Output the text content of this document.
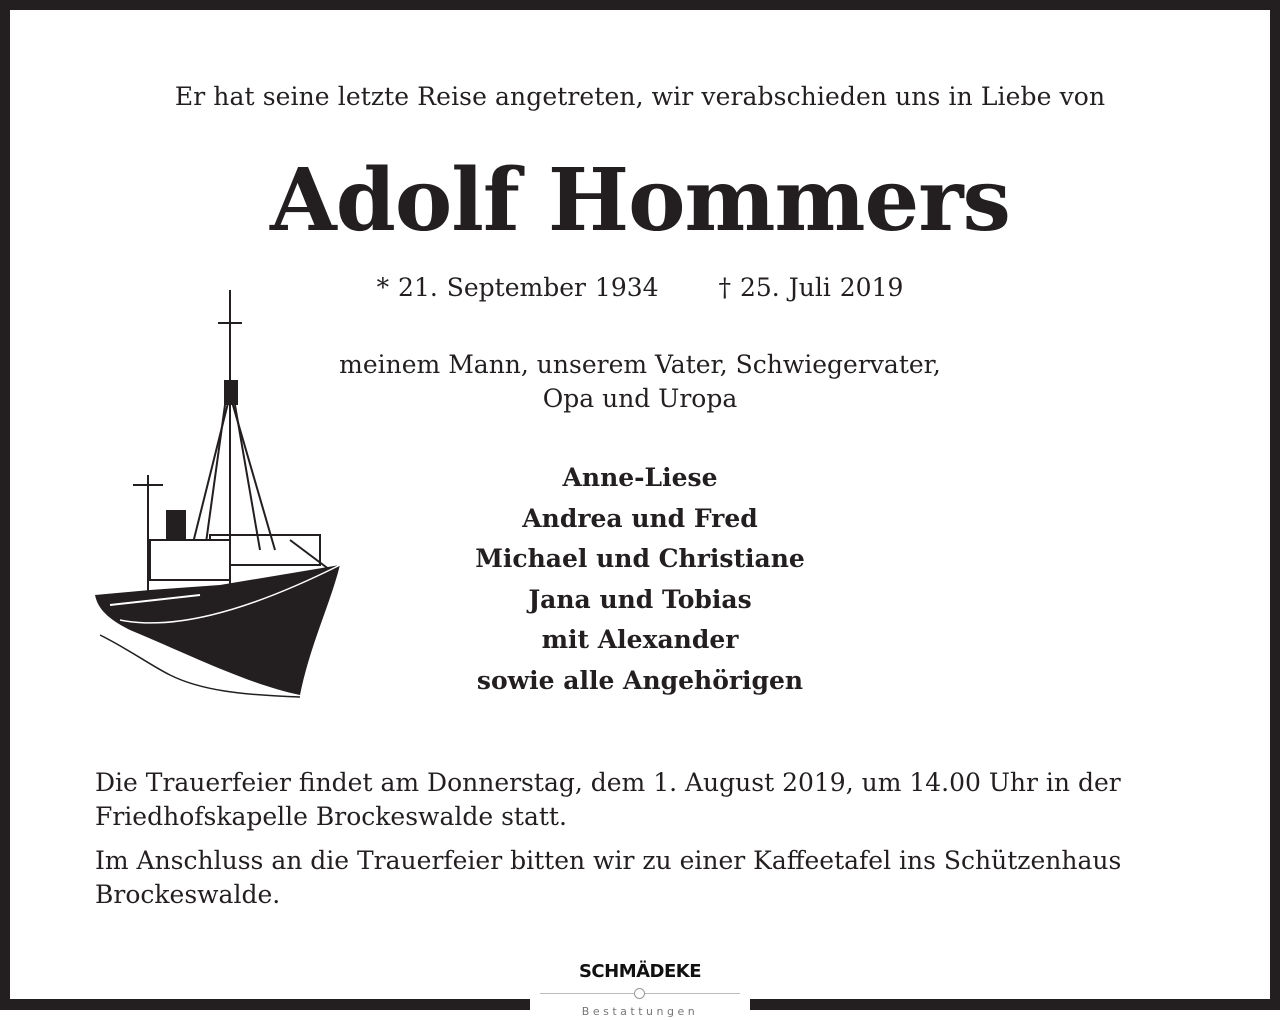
Er hat seine letzte Reise angetreten, wir verabschieden uns in Liebe von
Adolf Hommers
* 21. September 1934 † 25. Juli 2019
meinem Mann, unserem Vater, Schwiegervater,
Opa und Uropa
Anne-Liese
Andrea und Fred
Michael und Christiane
Jana und Tobias
mit Alexander
sowie alle Angehörigen

Die Trauerfeier findet am Donnerstag, dem 1. August 2019, um 14.00 Uhr in der Friedhofskapelle Brockeswalde statt.

Im Anschluss an die Trauerfeier bitten wir zu einer Kaffeetafel ins Schützenhaus Brockeswalde.

SCHMÄDEKE
Bestattungen
